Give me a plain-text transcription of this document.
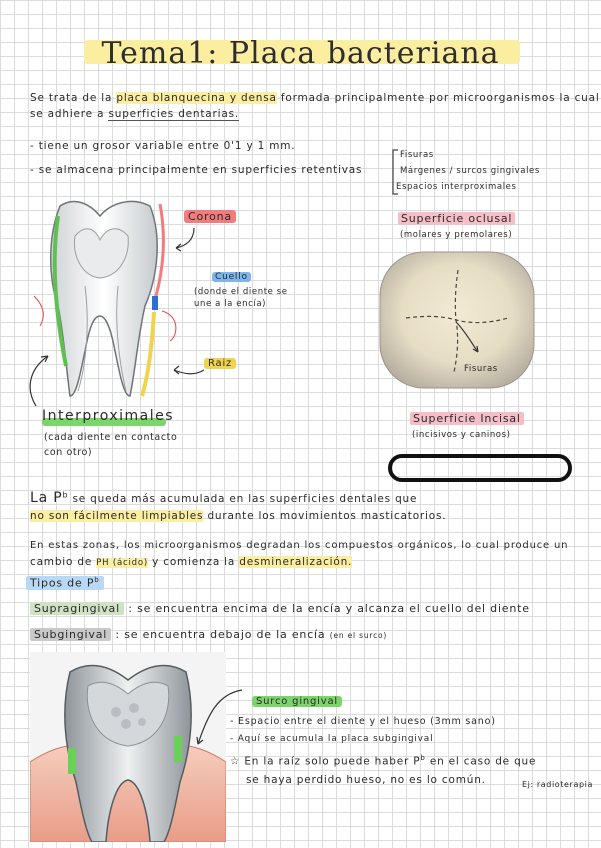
Tema1: Placa bacteriana
Se trata de la placa blanquecina y densa formada principalmente por microorganismos la cual
se adhiere a superficies dentarias.
- tiene un grosor variable entre 0'1 y 1 mm.
- se almacena principalmente en superficies retentivas
Fisuras
Márgenes / surcos gingivales
Espacios interproximales
Corona
Cuello
(donde el diente se une a la encía)
Raiz
Interproximales
(cada diente en contacto con otro)
Superficie oclusal
(molares y premolares)
Fisuras
Superficie Incisal
(incisivos y caninos)
La $P^b$ se queda más acumulada en las superficies dentales que
no son fácilmente limpiables durante los movimientos masticatorios.
En estas zonas, los microorganismos degradan los compuestos orgánicos, lo cual produce un
cambio de PH (ácido) y comienza la desmineralización.
Tipos de $P^b$
Supragingival : se encuentra encima de la encía y alcanza el cuello del diente
Subgingival : se encuentra debajo de la encía (en el surco)
Surco gingival
- Espacio entre el diente y el hueso (3mm sano)
- Aquí se acumula la placa subgingival
☆ En la raíz solo puede haber $P^b$ en el caso de que
se haya perdido hueso, no es lo común.	Ej: radioterapia
